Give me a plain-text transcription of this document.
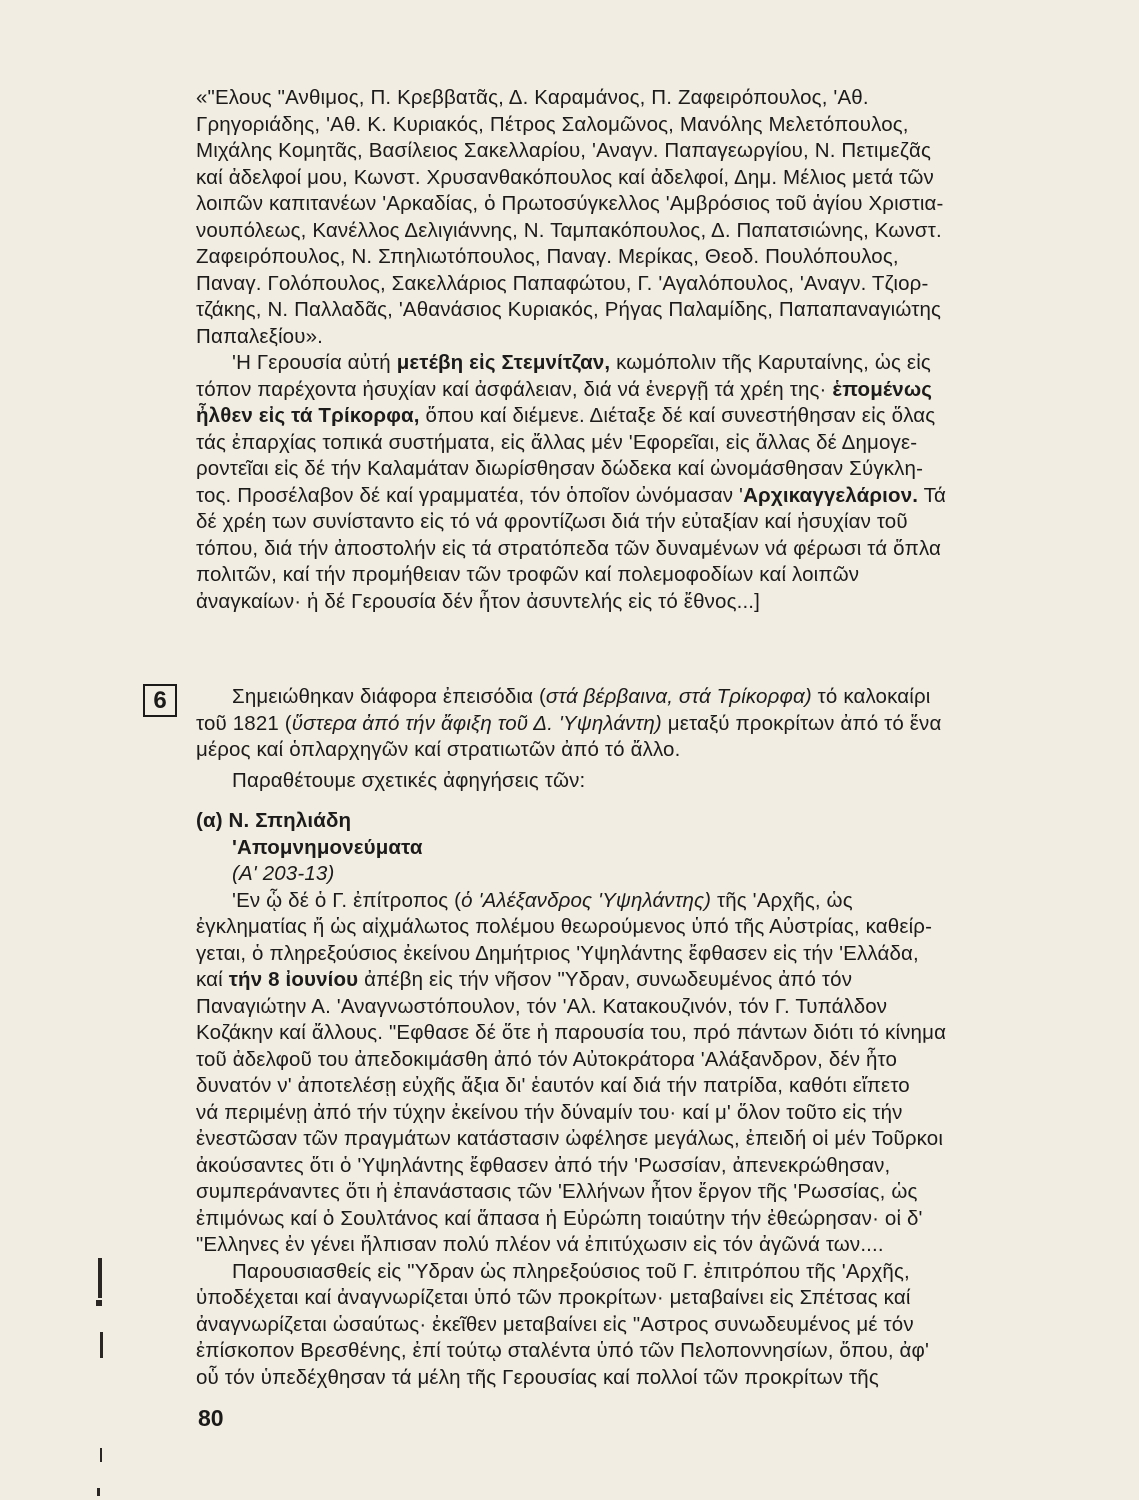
«"Ελους "Ανθιμος, Π. Κρεββατᾶς, Δ. Καραμάνος, Π. Ζαφειρόπουλος, 'Αθ.
Γρηγοριάδης, 'Αθ. Κ. Κυριακός, Πέτρος Σαλομῶνος, Μανόλης Μελετόπουλος,
Μιχάλης Κομητᾶς, Βασίλειος Σακελλαρίου, 'Αναγν. Παπαγεωργίου, Ν. Πετιμεζᾶς
καί ἀδελφοί μου, Κωνστ. Χρυσανθακόπουλος καί ἀδελφοί, Δημ. Μέλιος μετά τῶν
λοιπῶν καπιτανέων 'Αρκαδίας, ὁ Πρωτοσύγκελλος 'Αμβρόσιος τοῦ ἁγίου Χριστια-
νουπόλεως, Κανέλλος Δελιγιάννης, Ν. Ταμπακόπουλος, Δ. Παπατσιώνης, Κωνστ.
Ζαφειρόπουλος, Ν. Σπηλιωτόπουλος, Παναγ. Μερίκας, Θεοδ. Πουλόπουλος,
Παναγ. Γολόπουλος, Σακελλάριος Παπαφώτου, Γ. 'Αγαλόπουλος, 'Αναγν. Τζιορ-
τζάκης, Ν. Παλλαδᾶς, 'Αθανάσιος Κυριακός, Ρήγας Παλαμίδης, Παπαπαναγιώτης
Παπαλεξίου».
'Η Γερουσία αὐτή μετέβη εἰς Στεμνίτζαν, κωμόπολιν τῆς Καρυταίνης, ὡς εἰς
τόπον παρέχοντα ἡσυχίαν καί ἀσφάλειαν, διά νά ἐνεργῇ τά χρέη της· ἑπομένως
ἦλθεν εἰς τά Τρίκορφα, ὅπου καί διέμενε. Διέταξε δέ καί συνεστήθησαν εἰς ὅλας
τάς ἐπαρχίας τοπικά συστήματα, εἰς ἄλλας μέν 'Εφορεῖαι, εἰς ἄλλας δέ Δημογε-
ροντεῖαι εἰς δέ τήν Καλαμάταν διωρίσθησαν δώδεκα καί ὠνομάσθησαν Σύγκλη-
τος. Προσέλαβον δέ καί γραμματέα, τόν ὁποῖον ὠνόμασαν 'Αρχικαγγελάριον. Τά
δέ χρέη των συνίσταντο εἰς τό νά φροντίζωσι διά τήν εὐταξίαν καί ἡσυχίαν τοῦ
τόπου, διά τήν ἀποστολήν εἰς τά στρατόπεδα τῶν δυναμένων νά φέρωσι τά ὅπλα
πολιτῶν, καί τήν προμήθειαν τῶν τροφῶν καί πολεμοφοδίων καί λοιπῶν
ἀναγκαίων· ἡ δέ Γερουσία δέν ἦτον ἀσυντελής εἰς τό ἔθνος...]
6	Σημειώθηκαν διάφορα ἐπεισόδια (στά βέρβαινα, στά Τρίκορφα) τό καλοκαίρι
τοῦ 1821 (ὕστερα ἀπό τήν ἄφιξη τοῦ Δ. 'Υψηλάντη) μεταξύ προκρίτων ἀπό τό ἕνα
μέρος καί ὁπλαρχηγῶν καί στρατιωτῶν ἀπό τό ἄλλο.
Παραθέτουμε σχετικές ἀφηγήσεις τῶν:
(α) Ν. Σπηλιάδη
'Απομνημονεύματα
(Α' 203-13)
'Εν ᾧ δέ ὁ Γ. ἐπίτροπος (ὁ 'Αλέξανδρος 'Υψηλάντης) τῆς 'Αρχῆς, ὡς
ἐγκληματίας ἤ ὡς αἰχμάλωτος πολέμου θεωρούμενος ὑπό τῆς Αὐστρίας, καθείρ-
γεται, ὁ πληρεξούσιος ἐκείνου Δημήτριος 'Υψηλάντης ἔφθασεν εἰς τήν 'Ελλάδα,
καί τήν 8 ἰουνίου ἀπέβη εἰς τήν νῆσον "Υδραν, συνωδευμένος ἀπό τόν
Παναγιώτην Α. 'Αναγνωστόπουλον, τόν 'Αλ. Κατακουζινόν, τόν Γ. Τυπάλδον
Κοζάκην καί ἄλλους. "Εφθασε δέ ὅτε ἡ παρουσία του, πρό πάντων διότι τό κίνημα
τοῦ ἀδελφοῦ του ἀπεδοκιμάσθη ἀπό τόν Αὐτοκράτορα 'Αλάξανδρον, δέν ἦτο
δυνατόν ν' ἀποτελέσῃ εὐχῆς ἄξια δι' ἑαυτόν καί διά τήν πατρίδα, καθότι εἴπετο
νά περιμένῃ ἀπό τήν τύχην ἐκείνου τήν δύναμίν του· καί μ' ὅλον τοῦτο εἰς τήν
ἐνεστῶσαν τῶν πραγμάτων κατάστασιν ὠφέλησε μεγάλως, ἐπειδή οἱ μέν Τοῦρκοι
ἀκούσαντες ὅτι ὁ 'Υψηλάντης ἔφθασεν ἀπό τήν 'Ρωσσίαν, ἀπενεκρώθησαν,
συμπεράναντες ὅτι ἡ ἐπανάστασις τῶν 'Ελλήνων ἦτον ἔργον τῆς 'Ρωσσίας, ὡς
ἐπιμόνως καί ὁ Σουλτάνος καί ἅπασα ἡ Εὐρώπη τοιαύτην τήν ἐθεώρησαν· οἱ δ'
"Ελληνες ἐν γένει ἤλπισαν πολύ πλέον νά ἐπιτύχωσιν εἰς τόν ἀγῶνά των....
Παρουσιασθείς εἰς "Υδραν ὡς πληρεξούσιος τοῦ Γ. ἐπιτρόπου τῆς 'Αρχῆς,
ὑποδέχεται καί ἀναγνωρίζεται ὑπό τῶν προκρίτων· μεταβαίνει εἰς Σπέτσας καί
ἀναγνωρίζεται ὡσαύτως· ἐκεῖθεν μεταβαίνει εἰς "Αστρος συνωδευμένος μέ τόν
ἐπίσκοπον Βρεσθένης, ἐπί τούτῳ σταλέντα ὑπό τῶν Πελοποννησίων, ὅπου, ἀφ'
οὗ τόν ὑπεδέχθησαν τά μέλη τῆς Γερουσίας καί πολλοί τῶν προκρίτων τῆς
80
